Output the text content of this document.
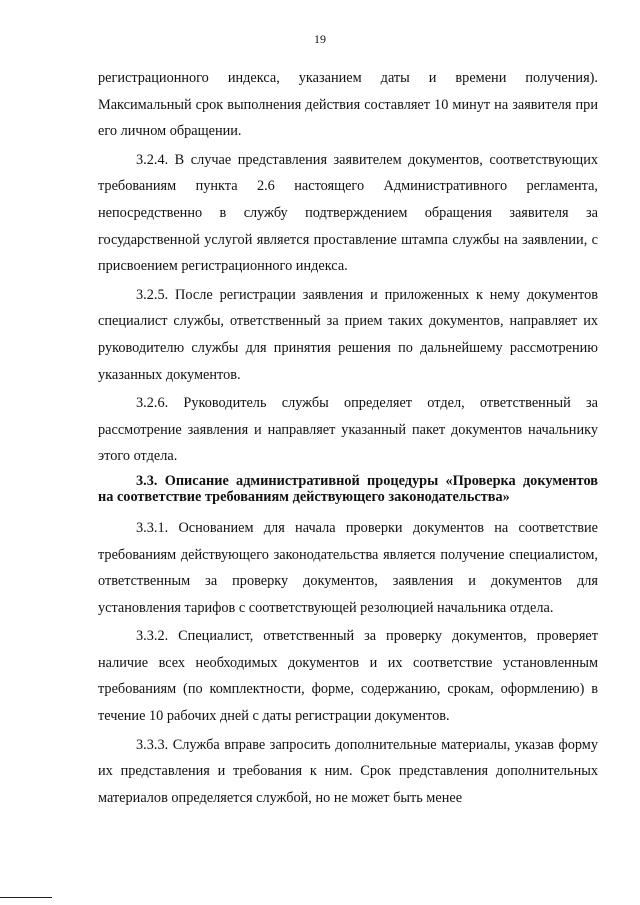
19

регистрационного индекса, указанием даты и времени получения). Максимальный срок выполнения действия составляет 10 минут на заявителя при его личном обращении.

3.2.4. В случае представления заявителем документов, соответствующих требованиям пункта 2.6 настоящего Административного регламента, непосредственно в службу подтверждением обращения заявителя за государственной услугой является проставление штампа службы на заявлении, с присвоением регистрационного индекса.

3.2.5. После регистрации заявления и приложенных к нему документов специалист службы, ответственный за прием таких документов, направляет их руководителю службы для принятия решения по дальнейшему рассмотрению указанных документов.

3.2.6. Руководитель службы определяет отдел, ответственный за рассмотрение заявления и направляет указанный пакет документов начальнику этого отдела.

3.3. Описание административной процедуры «Проверка документов на соответствие требованиям действующего законодательства»

3.3.1. Основанием для начала проверки документов на соответствие требованиям действующего законодательства является получение специалистом, ответственным за проверку документов, заявления и документов для установления тарифов с соответствующей резолюцией начальника отдела.

3.3.2. Специалист, ответственный за проверку документов, проверяет наличие всех необходимых документов и их соответствие установленным требованиям (по комплектности, форме, содержанию, срокам, оформлению) в течение 10 рабочих дней с даты регистрации документов.

3.3.3. Служба вправе запросить дополнительные материалы, указав форму их представления и требования к ним. Срок представления дополнительных материалов определяется службой, но не может быть менее
